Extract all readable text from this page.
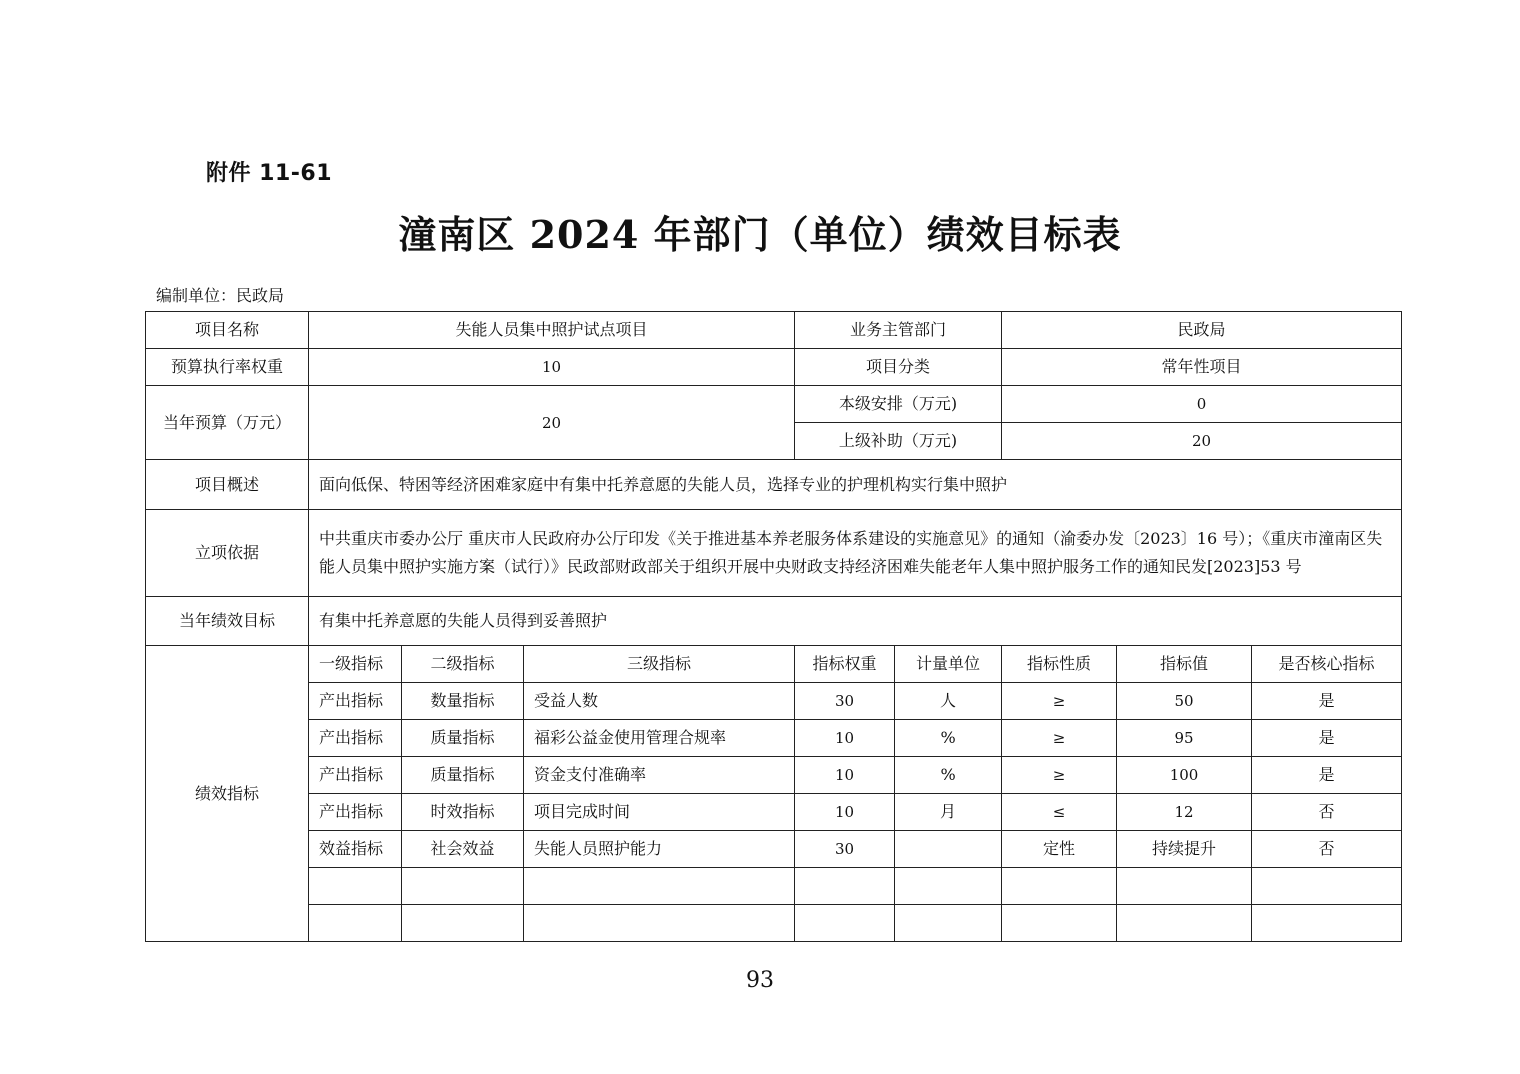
附件 11-61
潼南区 2024 年部门（单位）绩效目标表
编制单位：民政局
项目名称	失能人员集中照护试点项目			业务主管部门		民政局		
预算执行率权重	10			项目分类		常年性项目		
当年预算（万元）	20			本级安排（万元)		0		
				上级补助（万元)		20		
项目概述	面向低保、特困等经济困难家庭中有集中托养意愿的失能人员，选择专业的护理机构实行集中照护							
立项依据	中共重庆市委办公厅 重庆市人民政府办公厅印发《关于推进基本养老服务体系建设的实施意见》的通知（渝委办发〔2023〕16 号）；《重庆市潼南区失能人员集中照护实施方案（试行）》民政部财政部关于组织开展中央财政支持经济困难失能老年人集中照护服务工作的通知民发[2023]53 号							
当年绩效目标	有集中托养意愿的失能人员得到妥善照护							
绩效指标	一级指标	二级指标	三级指标	指标权重	计量单位	指标性质	指标值	是否核心指标
	产出指标	数量指标	受益人数	30	人	≥	50	是
	产出指标	质量指标	福彩公益金使用管理合规率	10	%	≥	95	是
	产出指标	质量指标	资金支付准确率	10	%	≥	100	是
	产出指标	时效指标	项目完成时间	10	月	≤	12	否
	效益指标	社会效益	失能人员照护能力	30		定性	持续提升	否

93
